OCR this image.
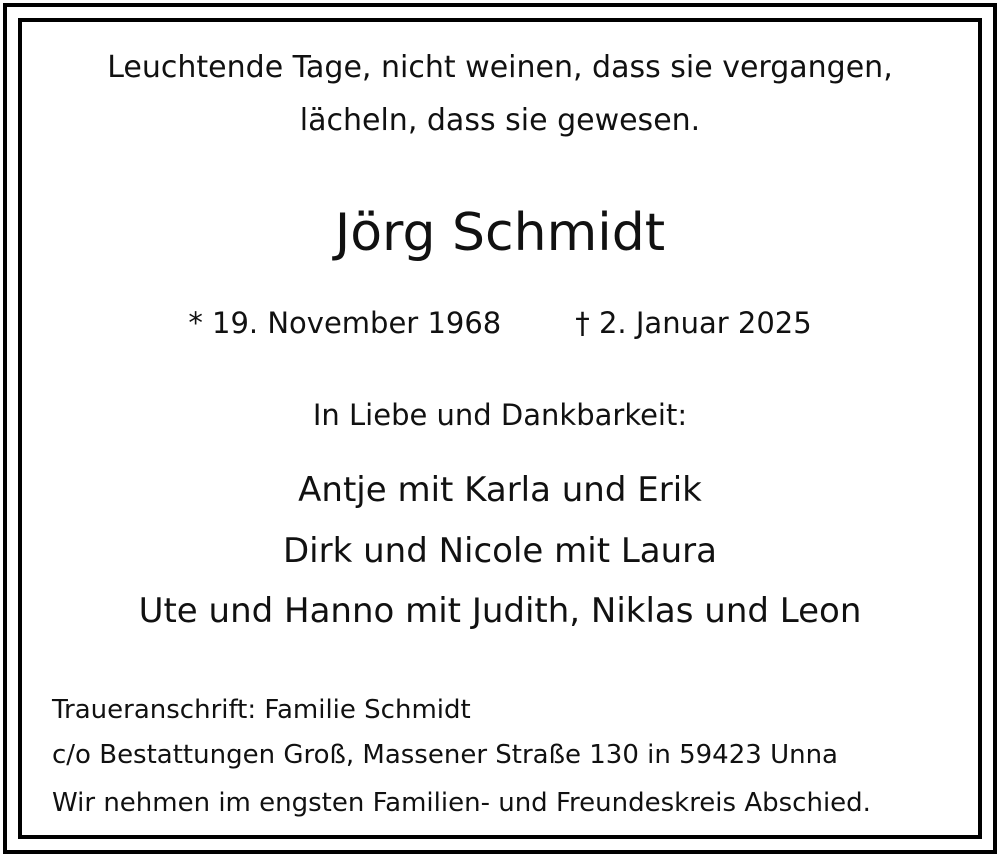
Leuchtende Tage, nicht weinen, dass sie vergangen,
lächeln, dass sie gewesen.
Jörg Schmidt
* 19. November 1968	† 2. Januar 2025
In Liebe und Dankbarkeit:
Antje mit Karla und Erik
Dirk und Nicole mit Laura
Ute und Hanno mit Judith, Niklas und Leon
Traueranschrift: Familie Schmidt
c/o Bestattungen Groß, Massener Straße 130 in 59423 Unna
Wir nehmen im engsten Familien- und Freundeskreis Abschied.
